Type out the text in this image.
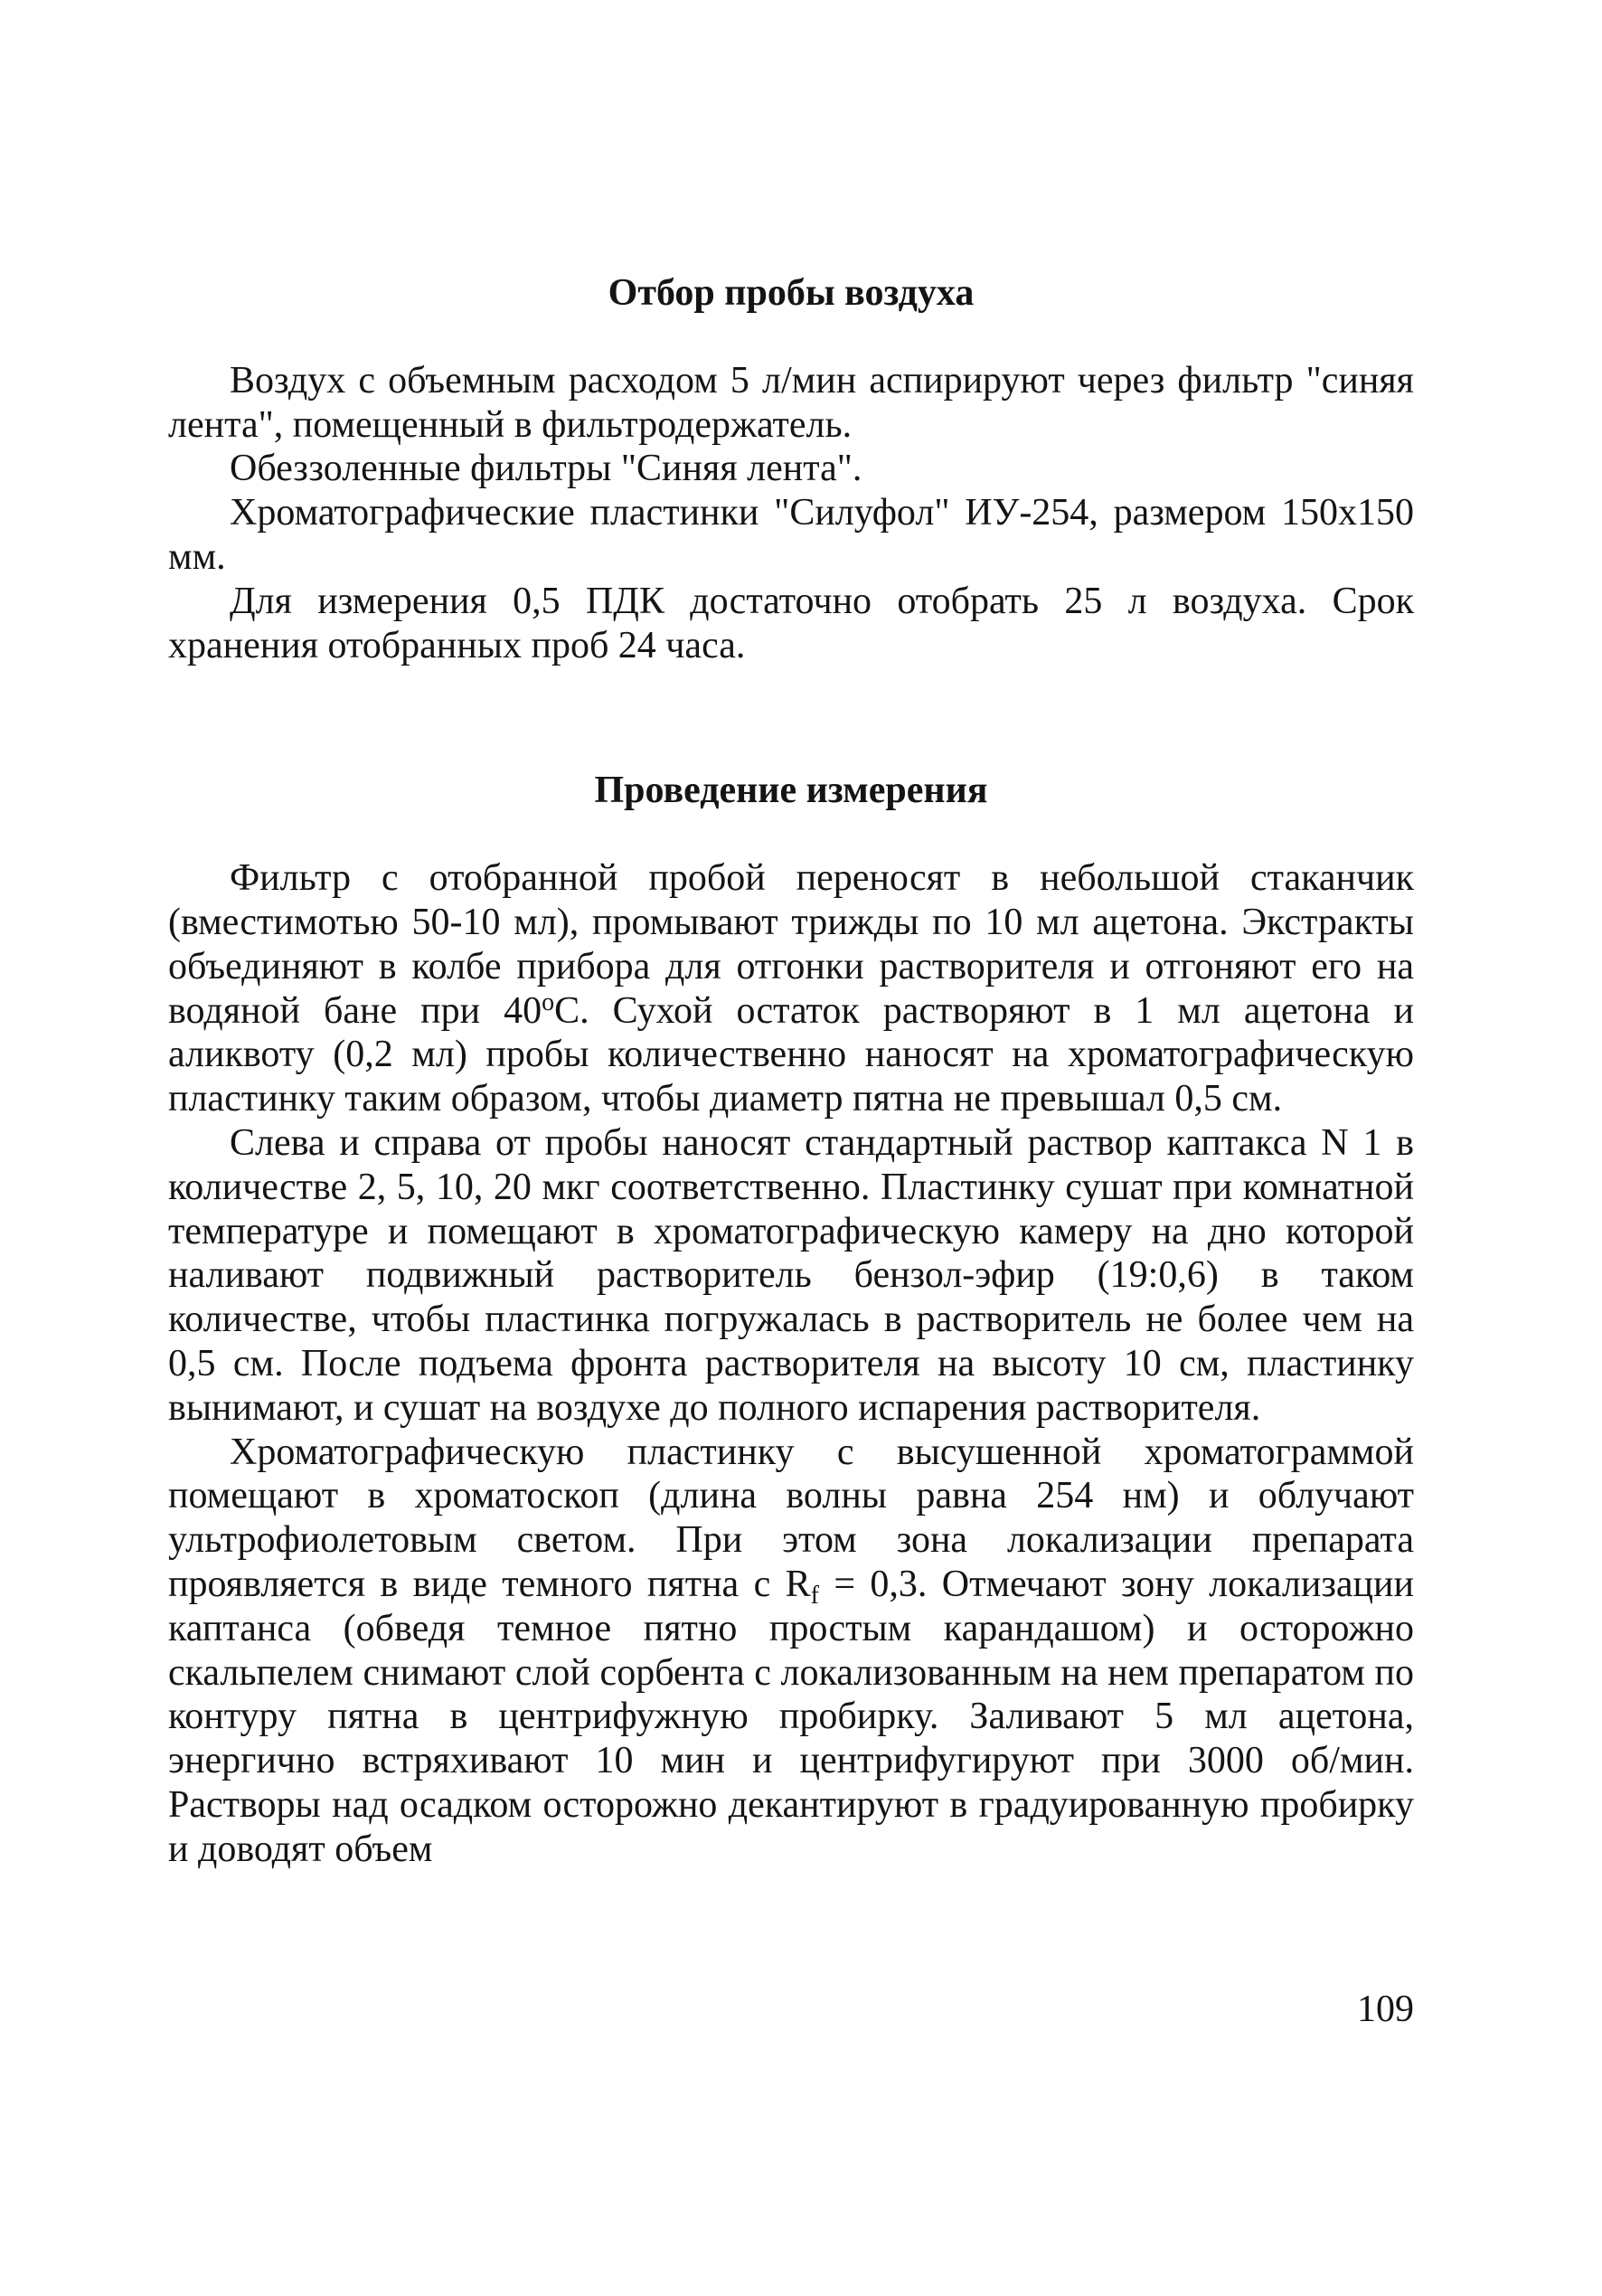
Отбор пробы воздуха

Воздух с объемным расходом 5 л/мин аспирируют через фильтр "синяя лента", помещенный в фильтродержатель.

Обеззоленные фильтры "Синяя лента".

Хроматографические пластинки "Силуфол" ИУ-254, размером 150х150 мм.

Для измерения 0,5 ПДК достаточно отобрать 25 л воздуха. Срок хранения отобранных проб 24 часа.

Проведение измерения

Фильтр с отобранной пробой переносят в небольшой стаканчик (вместимотью 50-10 мл), промывают трижды по 10 мл ацетона. Экстракты объединяют в колбе прибора для отгонки растворителя и отгоняют его на водяной бане при $40^оС$. Сухой остаток растворяют в 1 мл ацетона и аликвоту (0,2 мл) пробы количественно наносят на хроматографическую пластинку таким образом, чтобы диаметр пятна не превышал 0,5 см.

Слева и справа от пробы наносят стандартный раствор каптакса N 1 в количестве 2, 5, 10, 20 мкг соответственно. Пластинку сушат при комнатной температуре и помещают в хроматографическую камеру на дно которой наливают подвижный растворитель бензол-эфир (19:0,6) в таком количестве, чтобы пластинка погружалась в растворитель не более чем на 0,5 см. После подъема фронта растворителя на высоту 10 см, пластинку вынимают, и сушат на воздухе до полного испарения растворителя.

Хроматографическую пластинку с высушенной хроматограммой помещают в хроматоскоп (длина волны равна 254 нм) и облучают ультрофиолетовым светом. При этом зона локализации препарата проявляется в виде темного пятна с $R_f = 0,3$. Отмечают зону локализации каптанса (обведя темное пятно простым карандашом) и осторожно скальпелем снимают слой сорбента с локализованным на нем препаратом по контуру пятна в центрифужную пробирку. Заливают 5 мл ацетона, энергично встряхивают 10 мин и центрифугируют при 3000 об/мин. Растворы над осадком осторожно декантируют в градуированную пробирку и доводят объем

109
